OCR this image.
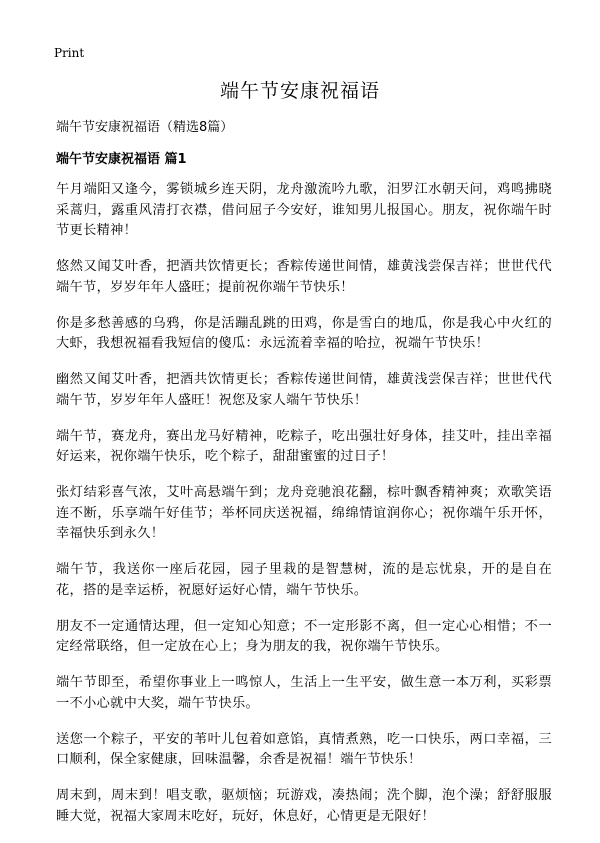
Print
端午节安康祝福语

端午节安康祝福语（精选8篇）

端午节安康祝福语 篇1

午月端阳又逢今，雾锁城乡连天阴，龙舟激流吟九歌，汨罗江水朝天问，鸡鸣拂晓采蒿归，露重风清打衣襟，借问屈子今安好，谁知男儿报国心。朋友，祝你端午时节更长精神！

悠然又闻艾叶香，把酒共饮情更长；香粽传递世间情，雄黄浅尝保吉祥；世世代代端午节，岁岁年年人盛旺；提前祝你端午节快乐！

你是多愁善感的乌鸦，你是活蹦乱跳的田鸡，你是雪白的地瓜，你是我心中火红的大虾，我想祝福看我短信的傻瓜：永远流着幸福的哈拉，祝端午节快乐！

幽然又闻艾叶香，把酒共饮情更长；香粽传递世间情，雄黄浅尝保吉祥；世世代代端午节，岁岁年年人盛旺！祝您及家人端午节快乐！

端午节，赛龙舟，赛出龙马好精神，吃粽子，吃出强壮好身体，挂艾叶，挂出幸福好运来，祝你端午快乐，吃个粽子，甜甜蜜蜜的过日子！

张灯结彩喜气浓，艾叶高悬端午到；龙舟竞驰浪花翻，棕叶飘香精神爽；欢歌笑语连不断，乐享端午好佳节；举杯同庆送祝福，绵绵情谊润你心；祝你端午乐开怀，幸福快乐到永久！

端午节，我送你一座后花园，园子里栽的是智慧树，流的是忘忧泉，开的是自在花，搭的是幸运桥，祝愿好运好心情，端午节快乐。

朋友不一定通情达理，但一定知心知意；不一定形影不离，但一定心心相惜；不一定经常联络，但一定放在心上；身为朋友的我，祝你端午节快乐。

端午节即至，希望你事业上一鸣惊人，生活上一生平安，做生意一本万利，买彩票一不小心就中大奖，端午节快乐。

送您一个粽子，平安的苇叶儿包着如意馅，真情煮熟，吃一口快乐，两口幸福，三口顺利，保全家健康，回味温馨，余香是祝福！端午节快乐！

周末到，周末到！唱支歌，驱烦恼；玩游戏，凑热闹；洗个脚，泡个澡；舒舒服服睡大觉，祝福大家周末吃好，玩好，休息好，心情更是无限好！
